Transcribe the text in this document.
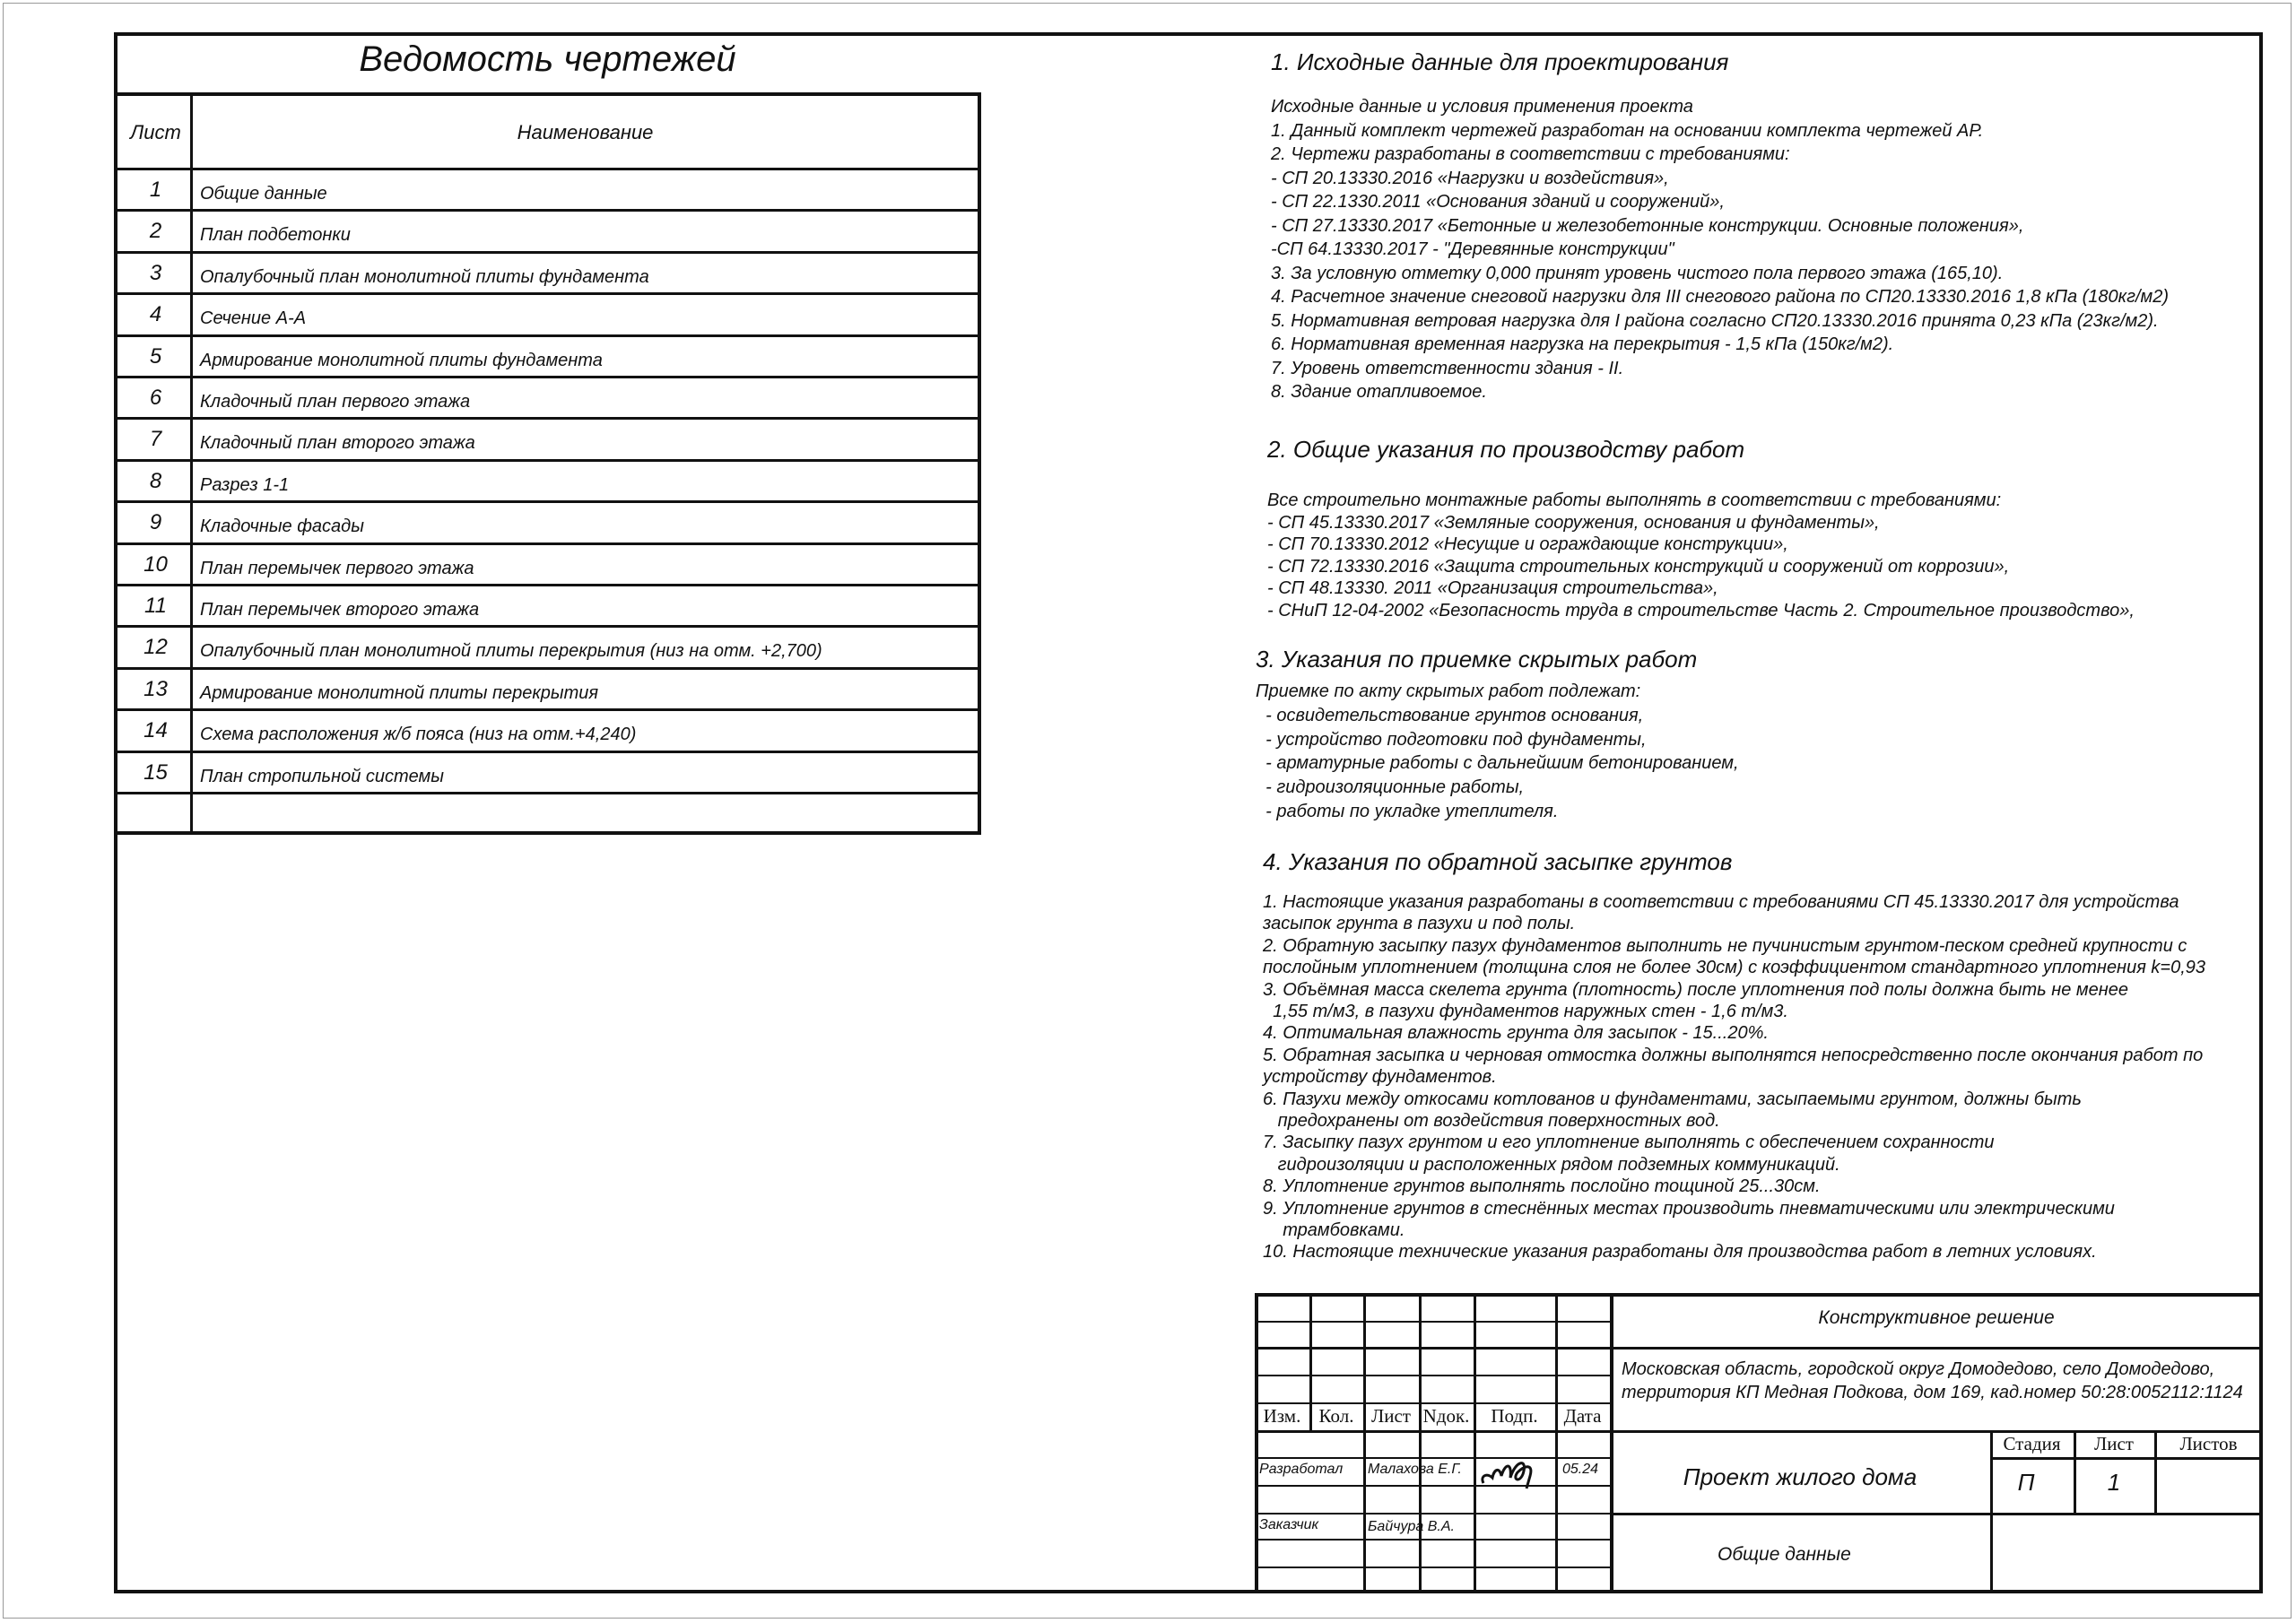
Ведомость чертежей
Лист	Наименование
1	Общие данные
2	План подбетонки
3	Опалубочный план монолитной плиты фундамента
4	Сечение А-А
5	Армирование монолитной плиты фундамента
6	Кладочный план первого этажа
7	Кладочный план второго этажа
8	Разрез 1-1
9	Кладочные фасады
10	План перемычек первого этажа
11	План перемычек второго этажа
12	Опалубочный план монолитной плиты перекрытия (низ на отм. +2,700)
13	Армирование монолитной плиты перекрытия
14	Схема расположения ж/б пояса (низ на отм.+4,240)
15	План стропильной системы
1. Исходные данные для проектирования
Исходные данные и условия применения проекта
1. Данный комплект чертежей разработан на основании комплекта чертежей АР.
2. Чертежи разработаны в соответствии с требованиями:
- СП 20.13330.2016 «Нагрузки и воздействия»,
- СП 22.1330.2011 «Основания зданий и сооружений»,
- СП 27.13330.2017 «Бетонные и железобетонные конструкции. Основные положения»,
-СП 64.13330.2017 - "Деревянные конструкции"
3. За условную отметку 0,000 принят уровень чистого пола первого этажа (165,10).
4. Расчетное значение снеговой нагрузки для III снегового района по СП20.13330.2016 1,8 кПа (180кг/м2)
5. Нормативная ветровая нагрузка для I района согласно СП20.13330.2016 принята 0,23 кПа (23кг/м2).
6. Нормативная временная нагрузка на перекрытия - 1,5 кПа (150кг/м2).
7. Уровень ответственности здания - II.
8. Здание отапливоемое.
2. Общие указания по производству работ
Все строительно монтажные работы выполнять в соответствии с требованиями:
- СП 45.13330.2017 «Земляные сооружения, основания и фундаменты»,
- СП 70.13330.2012 «Несущие и ограждающие конструкции»,
- СП 72.13330.2016 «Защита строительных конструкций и сооружений от коррозии»,
- СП 48.13330. 2011 «Организация строительства»,
- СНиП 12-04-2002 «Безопасность труда в строительстве Часть 2. Строительное производство»,
3. Указания по приемке скрытых работ
Приемке по акту скрытых работ подлежат:
- освидетельствование грунтов основания,
- устройство подготовки под фундаменты,
- арматурные работы с дальнейшим бетонированием,
- гидроизоляционные работы,
- работы по укладке утеплителя.
4. Указания по обратной засыпке грунтов
1. Настоящие указания разработаны в соответствии с требованиями СП 45.13330.2017 для устройства
засыпок грунта в пазухи и под полы.
2. Обратную засыпку пазух фундаментов выполнить не пучинистым грунтом-песком средней крупности с
послойным уплотнением (толщина слоя не более 30см) с коэффициентом стандартного уплотнения k=0,93
3. Объёмная масса скелета грунта (плотность) после уплотнения под полы должна быть не менее
1,55 т/м3, в пазухи фундаментов наружных стен - 1,6 т/м3.
4. Оптимальная влажность грунта для засыпок - 15...20%.
5. Обратная засыпка и черновая отмостка должны выполнятся непосредственно после окончания работ по
устройству фундаментов.
6. Пазухи между откосами котлованов и фундаментами, засыпаемыми грунтом, должны быть
предохранены от воздействия поверхностных вод.
7. Засыпку пазух грунтом и его уплотнение выполнять с обеспечением сохранности
гидроизоляции и расположенных рядом подземных коммуникаций.
8. Уплотнение грунтов выполнять послойно тощиной 25...30см.
9. Уплотнение грунтов в стеснённых местах производить пневматическими или электрическими
трамбовками.
10. Настоящие технические указания разработаны для производства работ в летних условиях.
Изм. Кол. Лист Nдок.	Подп.	Дата
Конструктивное решение
Московская область, городской округ Домодедово, село Домодедово,
территория КП Медная Подкова, дом 169, кад.номер 50:28:0052112:1124
Разработал Малахова Е.Г.	05.24
Заказчик	Байчура В.А.
Проект жилого дома
Общие данные
Стадия	Лист	Листов
П	1
